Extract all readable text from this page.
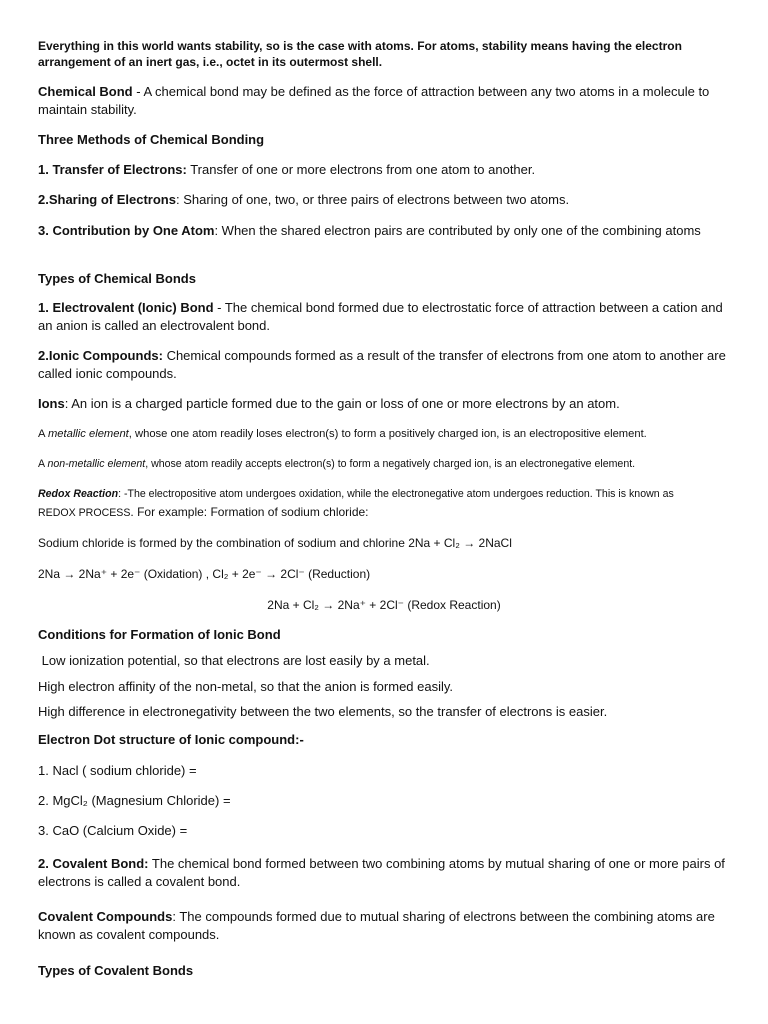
Everything in this world wants stability, so is the case with atoms. For atoms, stability means having the electron arrangement of an inert gas, i.e., octet in its outermost shell.
Chemical Bond - A chemical bond may be defined as the force of attraction between any two atoms in a molecule to maintain stability.
Three Methods of Chemical Bonding
1. Transfer of Electrons: Transfer of one or more electrons from one atom to another.
2.Sharing of Electrons: Sharing of one, two, or three pairs of electrons between two atoms.
3. Contribution by One Atom: When the shared electron pairs are contributed by only one of the combining atoms
Types of Chemical Bonds
1. Electrovalent (Ionic) Bond - The chemical bond formed due to electrostatic force of attraction between a cation and an anion is called an electrovalent bond.
2.Ionic Compounds: Chemical compounds formed as a result of the transfer of electrons from one atom to another are called ionic compounds.
Ions: An ion is a charged particle formed due to the gain or loss of one or more electrons by an atom.
A metallic element, whose one atom readily loses electron(s) to form a positively charged ion, is an electropositive element.
A non-metallic element, whose atom readily accepts electron(s) to form a negatively charged ion, is an electronegative element.
Redox Reaction: -The electropositive atom undergoes oxidation, while the electronegative atom undergoes reduction. This is known as
REDOX PROCESS. For example: Formation of sodium chloride:
Sodium chloride is formed by the combination of sodium and chlorine 2Na + Cl₂ → 2NaCl
2Na → 2Na⁺ + 2e⁻ (Oxidation) , Cl₂ + 2e⁻ → 2Cl⁻ (Reduction)
2Na + Cl₂ → 2Na⁺ + 2Cl⁻ (Redox Reaction)
Conditions for Formation of Ionic Bond
Low ionization potential, so that electrons are lost easily by a metal.
High electron affinity of the non-metal, so that the anion is formed easily.
High difference in electronegativity between the two elements, so the transfer of electrons is easier.
Electron Dot structure of Ionic compound:-
1. Nacl ( sodium chloride) =
2. MgCl₂ (Magnesium Chloride) =
3. CaO (Calcium Oxide) =
2. Covalent Bond: The chemical bond formed between two combining atoms by mutual sharing of one or more pairs of electrons is called a covalent bond.
Covalent Compounds: The compounds formed due to mutual sharing of electrons between the combining atoms are known as covalent compounds.
Types of Covalent Bonds
